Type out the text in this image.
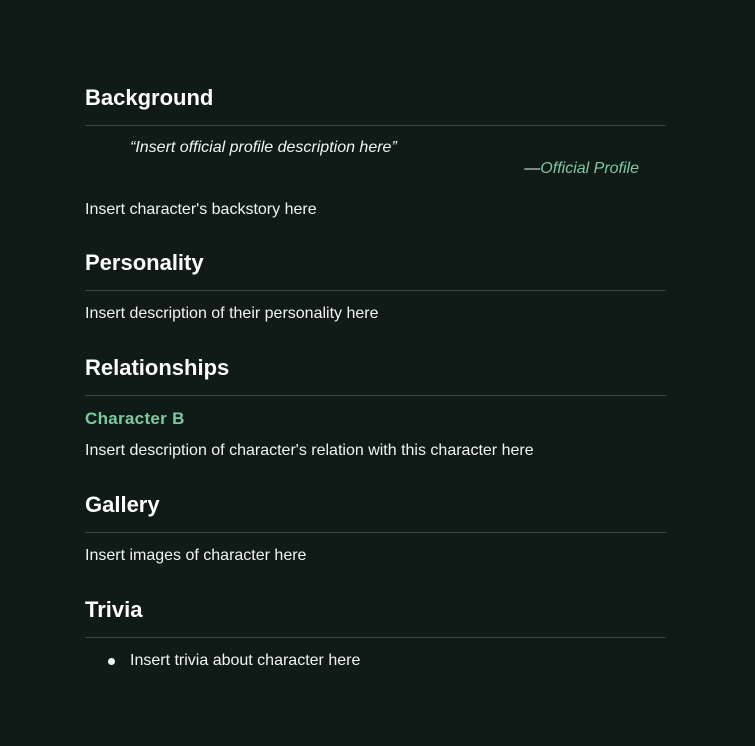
Background
“Insert official profile description here”
—Official Profile

Insert character's backstory here

Personality

Insert description of their personality here

Relationships
Character B

Insert description of character's relation with this character here

Gallery

Insert images of character here

Trivia
Insert trivia about character here
